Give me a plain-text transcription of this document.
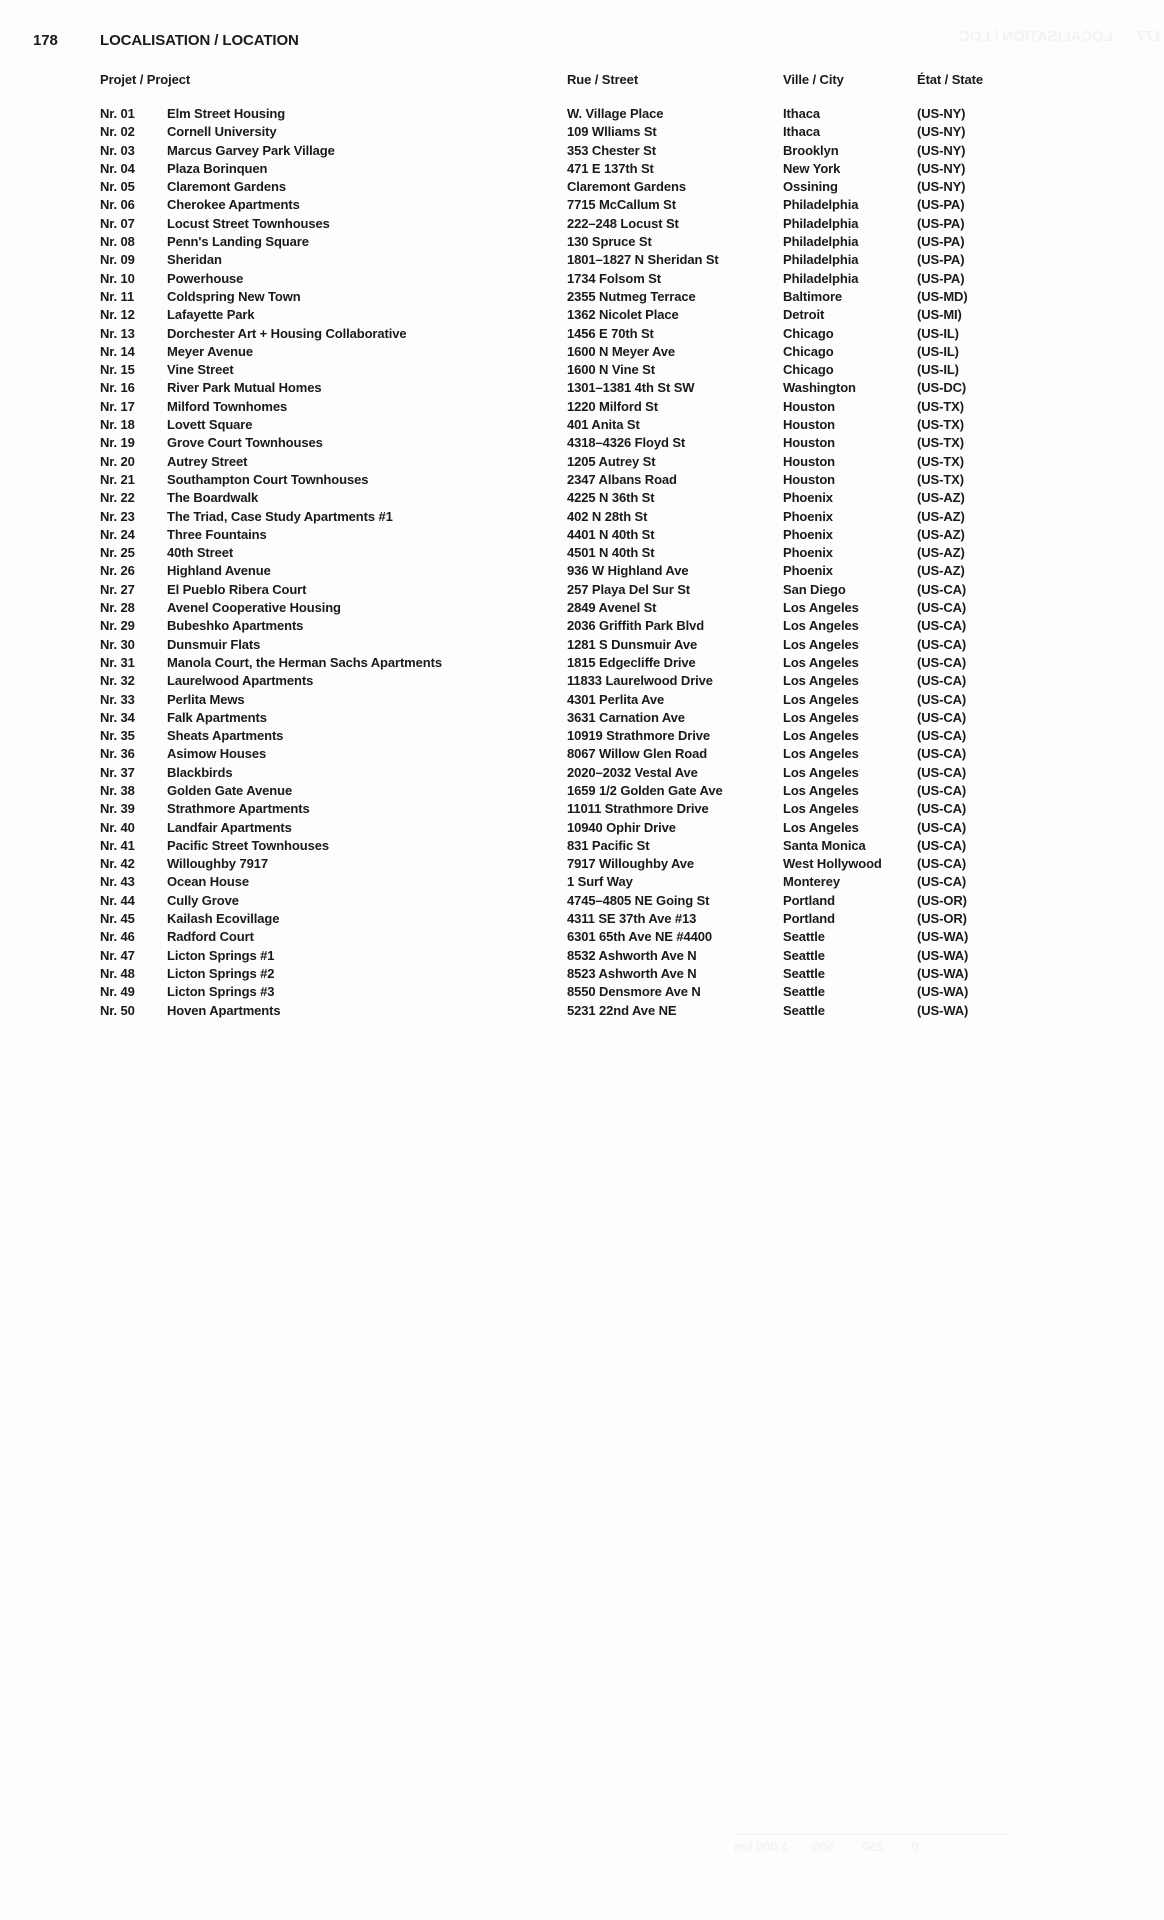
178	LOCALISATION / LOCATION	177      LOCALISATION / LOC
Projet / Project	Rue / Street	Ville / City	État / State
Nr. 01 Elm Street Housing	W. Village Place	Ithaca	(US-NY)
Nr. 02 Cornell University	109 Wlliams St	Ithaca	(US-NY)
Nr. 03 Marcus Garvey Park Village	353 Chester St	Brooklyn	(US-NY)
Nr. 04 Plaza Borinquen	471 E 137th St	New York	(US-NY)
Nr. 05 Claremont Gardens	Claremont Gardens	Ossining	(US-NY)
Nr. 06 Cherokee Apartments	7715 McCallum St	Philadelphia	(US-PA)
Nr. 07 Locust Street Townhouses	222–248 Locust St	Philadelphia	(US-PA)
Nr. 08 Penn's Landing Square	130 Spruce St	Philadelphia	(US-PA)
Nr. 09 Sheridan	1801–1827 N Sheridan St	Philadelphia	(US-PA)
Nr. 10 Powerhouse	1734 Folsom St	Philadelphia	(US-PA)
Nr. 11	Coldspring New Town	2355 Nutmeg Terrace	Baltimore	(US-MD)
Nr. 12 Lafayette Park	1362 Nicolet Place	Detroit	(US-MI)
Nr. 13 Dorchester Art + Housing Collaborative	1456 E 70th St	Chicago	(US-IL)
Nr. 14 Meyer Avenue	1600 N Meyer Ave	Chicago	(US-IL)
Nr. 15 Vine Street	1600 N Vine St	Chicago	(US-IL)
Nr. 16 River Park Mutual Homes	1301–1381 4th St SW	Washington	(US-DC)
Nr. 17 Milford Townhomes	1220 Milford St	Houston	(US-TX)
Nr. 18 Lovett Square	401 Anita St	Houston	(US-TX)
Nr. 19 Grove Court Townhouses	4318–4326 Floyd St	Houston	(US-TX)
Nr. 20 Autrey Street	1205 Autrey St	Houston	(US-TX)
Nr. 21 Southampton Court Townhouses	2347 Albans Road	Houston	(US-TX)
Nr. 22 The Boardwalk	4225 N 36th St	Phoenix	(US-AZ)
Nr. 23 The Triad, Case Study Apartments #1	402 N 28th St	Phoenix	(US-AZ)
Nr. 24 Three Fountains	4401 N 40th St	Phoenix	(US-AZ)
Nr. 25 40th Street	4501 N 40th St	Phoenix	(US-AZ)
Nr. 26 Highland Avenue	936 W Highland Ave	Phoenix	(US-AZ)
Nr. 27 El Pueblo Ribera Court	257 Playa Del Sur St	San Diego	(US-CA)
Nr. 28 Avenel Cooperative Housing	2849 Avenel St	Los Angeles	(US-CA)
Nr. 29 Bubeshko Apartments	2036 Griffith Park Blvd	Los Angeles	(US-CA)
Nr. 30 Dunsmuir Flats	1281 S Dunsmuir Ave	Los Angeles	(US-CA)
Nr. 31 Manola Court, the Herman Sachs Apartments	1815 Edgecliffe Drive	Los Angeles	(US-CA)
Nr. 32 Laurelwood Apartments	11833 Laurelwood Drive	Los Angeles	(US-CA)
Nr. 33 Perlita Mews	4301 Perlita Ave	Los Angeles	(US-CA)
Nr. 34 Falk Apartments	3631 Carnation Ave	Los Angeles	(US-CA)
Nr. 35 Sheats Apartments	10919 Strathmore Drive	Los Angeles	(US-CA)
Nr. 36 Asimow Houses	8067 Willow Glen Road	Los Angeles	(US-CA)
Nr. 37 Blackbirds	2020–2032 Vestal Ave	Los Angeles	(US-CA)
Nr. 38 Golden Gate Avenue	1659 1/2 Golden Gate Ave	Los Angeles	(US-CA)
Nr. 39 Strathmore Apartments	11011 Strathmore Drive	Los Angeles	(US-CA)
Nr. 40 Landfair Apartments	10940 Ophir Drive	Los Angeles	(US-CA)
Nr. 41 Pacific Street Townhouses	831 Pacific St	Santa Monica	(US-CA)
Nr. 42 Willoughby 7917	7917 Willoughby Ave	West Hollywood	(US-CA)
Nr. 43 Ocean House	1 Surf Way	Monterey	(US-CA)
Nr. 44 Cully Grove	4745–4805 NE Going St	Portland	(US-OR)
Nr. 45 Kailash Ecovillage	4311 SE 37th Ave #13	Portland	(US-OR)
Nr. 46 Radford Court	6301 65th Ave NE #4400	Seattle	(US-WA)
Nr. 47 Licton Springs #1	8532 Ashworth Ave N	Seattle	(US-WA)
Nr. 48 Licton Springs #2	8523 Ashworth Ave N	Seattle	(US-WA)
Nr. 49 Licton Springs #3	8550 Densmore Ave N	Seattle	(US-WA)
Nr. 50 Hoven Apartments	5231 22nd Ave NE	Seattle	(US-WA)
0        250        500       1 000 km
